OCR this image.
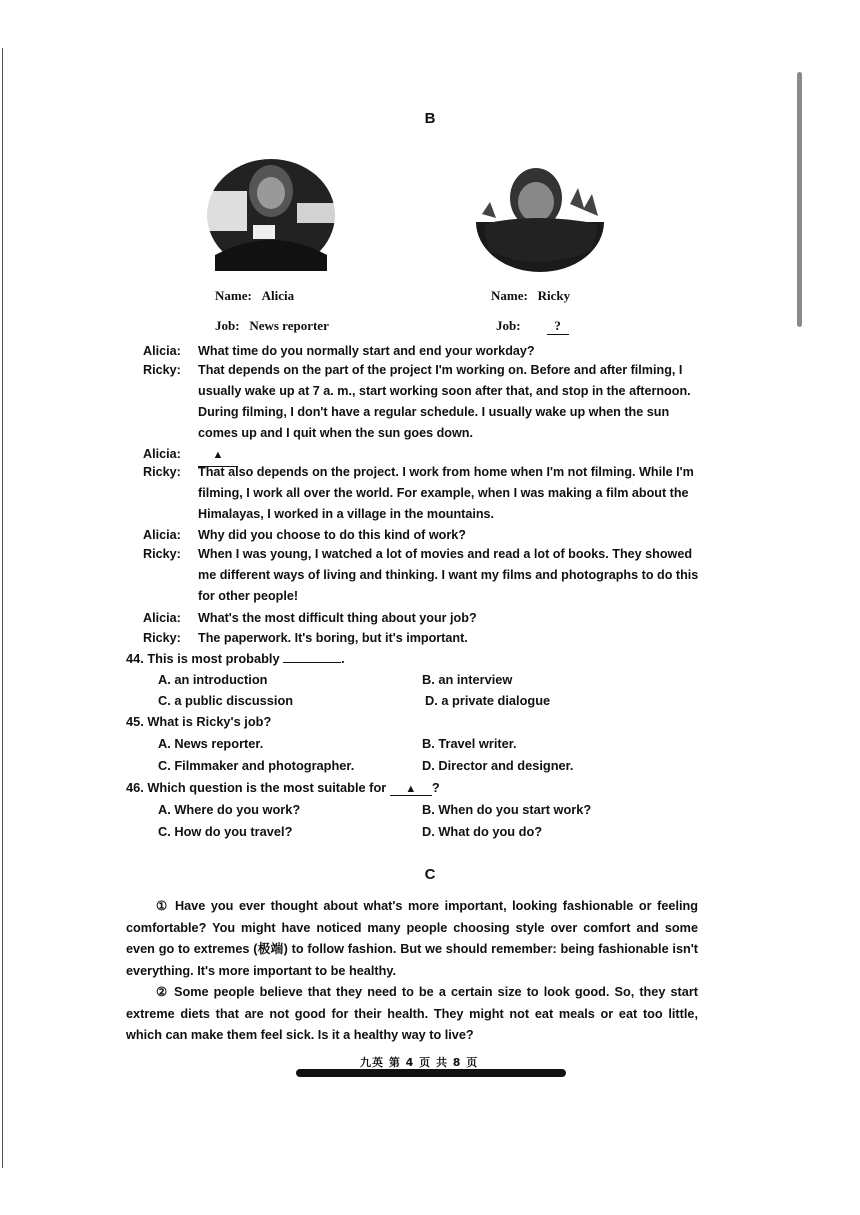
B
Name: Alicia	Name: Ricky
Job: News reporter	Job:	?
Alicia:	What time do you normally start and end your workday?
Ricky:	That depends on the part of the project I'm working on. Before and after filming, I usually wake up at 7 a. m., start working soon after that, and stop in the afternoon. During filming, I don't have a regular schedule. I usually wake up when the sun comes up and I quit when the sun goes down.
Alicia:	▲
Ricky:	That also depends on the project. I work from home when I'm not filming. While I'm filming, I work all over the world. For example, when I was making a film about the Himalayas, I worked in a village in the mountains.
Alicia:	Why did you choose to do this kind of work?
Ricky:	When I was young, I watched a lot of movies and read a lot of books. They showed me different ways of living and thinking. I want my films and photographs to do this for other people!
Alicia:	What's the most difficult thing about your job?
Ricky:	The paperwork. It's boring, but it's important.
44. This is most probably	.
A. an introduction	B. an interview
C. a public discussion	D. a private dialogue
45. What is Ricky's job?
A. News reporter.	B. Travel writer.
C. Filmmaker and photographer.	D. Director and designer.
46. Which question is the most suitable for ▲ ?
A. Where do you work?	B. When do you start work?
C. How do you travel?	D. What do you do?
C
① Have you ever thought about what's more important, looking fashionable or feeling comfortable? You might have noticed many people choosing style over comfort and some even go to extremes (极端) to follow fashion. But we should remember: being fashionable isn't everything. It's more important to be healthy.
② Some people believe that they need to be a certain size to look good. So, they start extreme diets that are not good for their health. They might not eat meals or eat too little, which can make them feel sick. Is it a healthy way to live?
九英 第 4 页 共 8 页
